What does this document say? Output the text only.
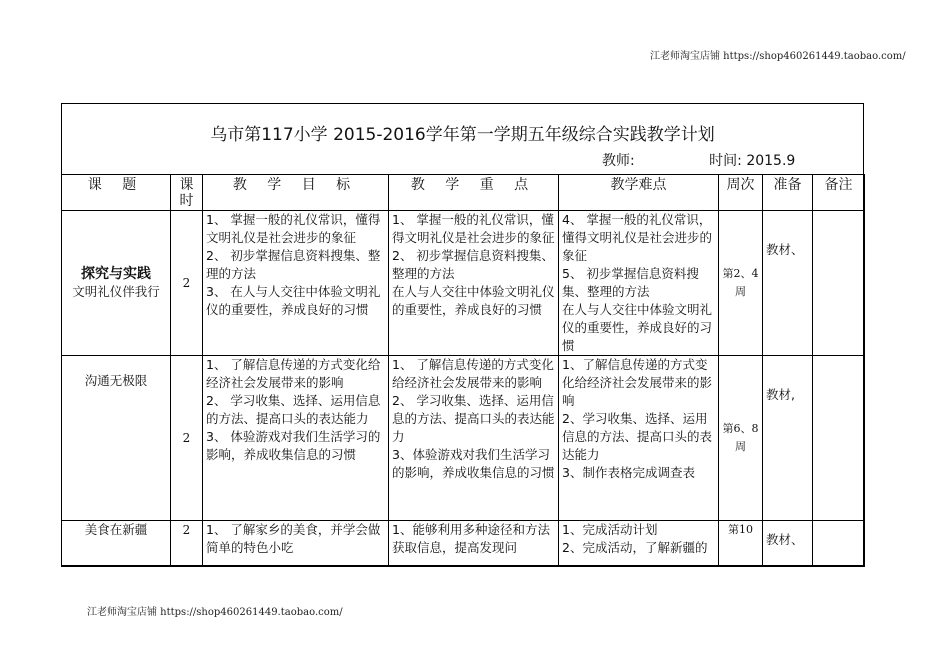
江老师淘宝店铺 https://shop460261449.taobao.com/
乌市第117小学 2015-2016学年第一学期五年级综合实践教学计划
教师:	时间: 2015.9
课 题	课时	教 学 目 标	教 学 重 点	教学难点	周次	准备	备注

探究与实践
文明礼仪伴我行	2	1、 掌握一般的礼仪常识，懂得文明礼仪是社会进步的象征
2、 初步掌握信息资料搜集、整理的方法
3、 在人与人交往中体验文明礼仪的重要性，养成良好的习惯	1、 掌握一般的礼仪常识，懂得文明礼仪是社会进步的象征
2、 初步掌握信息资料搜集、整理的方法
在人与人交往中体验文明礼仪的重要性，养成良好的习惯	4、 掌握一般的礼仪常识，懂得文明礼仪是社会进步的象征
5、 初步掌握信息资料搜集、整理的方法
在人与人交往中体验文明礼仪的重要性，养成良好的习惯	第2、4周	教材、	
沟通无极限	2	1、 了解信息传递的方式变化给经济社会发展带来的影响
2、 学习收集、选择、运用信息的方法、提高口头的表达能力
3、 体验游戏对我们生活学习的影响，养成收集信息的习惯	1、 了解信息传递的方式变化给经济社会发展带来的影响
2、 学习收集、选择、运用信息的方法、提高口头的表达能力
3、体验游戏对我们生活学习的影响，养成收集信息的习惯	1、了解信息传递的方式变化给经济社会发展带来的影响
2、学习收集、选择、运用信息的方法、提高口头的表达能力
3、制作表格完成调查表	第6、8周	教材,	
美食在新疆	2	1、 了解家乡的美食，并学会做简单的特色小吃	1、能够利用多种途径和方法获取信息，提高发现问	1、完成活动计划
2、完成活动，了解新疆的	第10	教材、	
江老师淘宝店铺 https://shop460261449.taobao.com/
